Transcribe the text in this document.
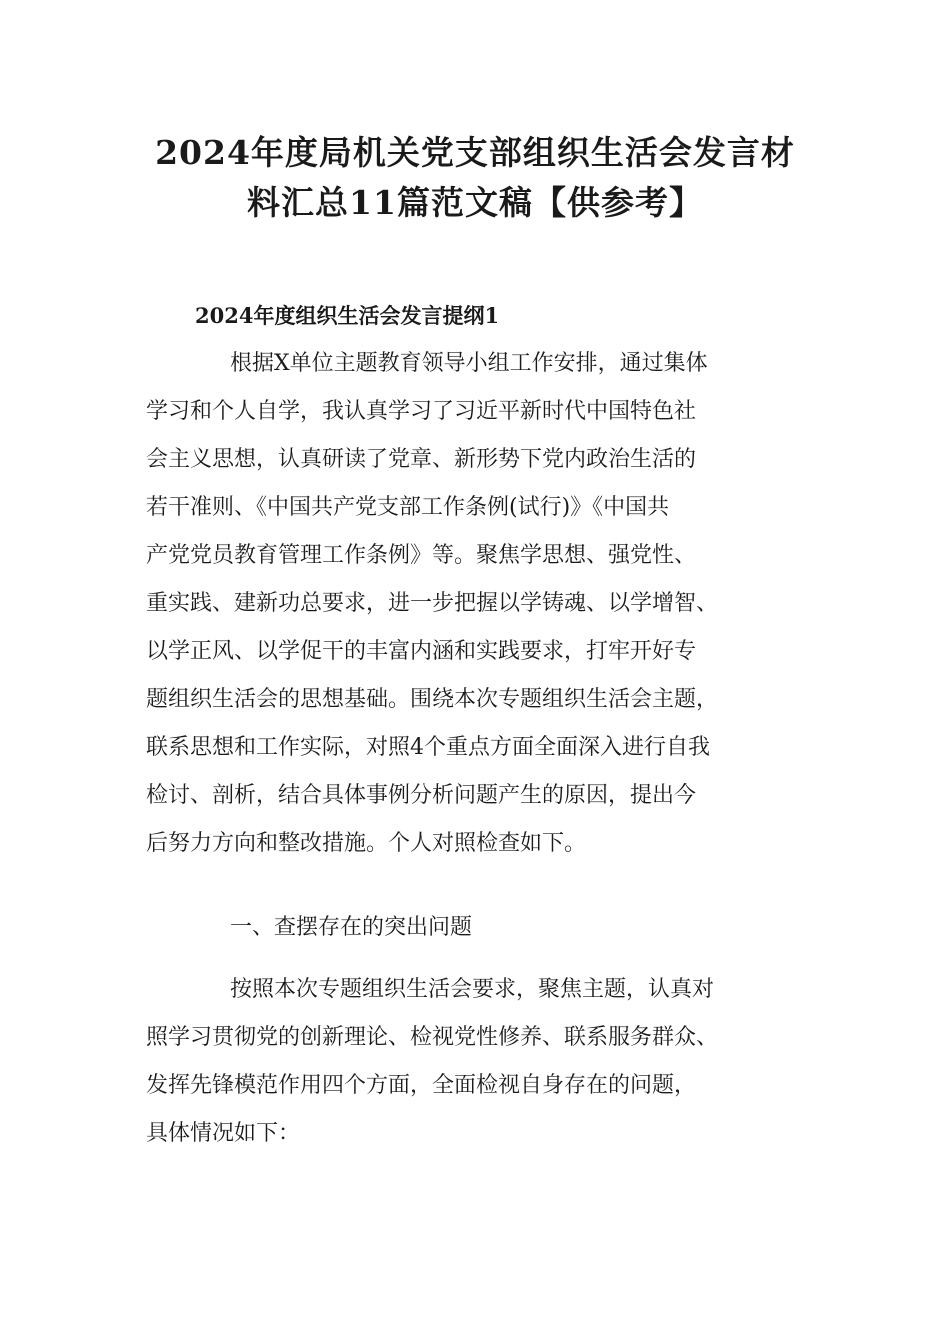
2024年度局机关党支部组织生活会发言材
料汇总11篇范文稿【供参考】
2024年度组织生活会发言提纲1
根据X单位主题教育领导小组工作安排，通过集体
学习和个人自学，我认真学习了习近平新时代中国特色社
会主义思想，认真研读了党章、新形势下党内政治生活的
若干准则、《中国共产党支部工作条例(试行)》《中国共
产党党员教育管理工作条例》等。聚焦学思想、强党性、
重实践、建新功总要求，进一步把握以学铸魂、以学增智、
以学正风、以学促干的丰富内涵和实践要求，打牢开好专
题组织生活会的思想基础。围绕本次专题组织生活会主题，
联系思想和工作实际，对照4个重点方面全面深入进行自我
检讨、剖析，结合具体事例分析问题产生的原因，提出今
后努力方向和整改措施。个人对照检查如下。
一、查摆存在的突出问题
按照本次专题组织生活会要求，聚焦主题，认真对
照学习贯彻党的创新理论、检视党性修养、联系服务群众、
发挥先锋模范作用四个方面，全面检视自身存在的问题，
具体情况如下：
